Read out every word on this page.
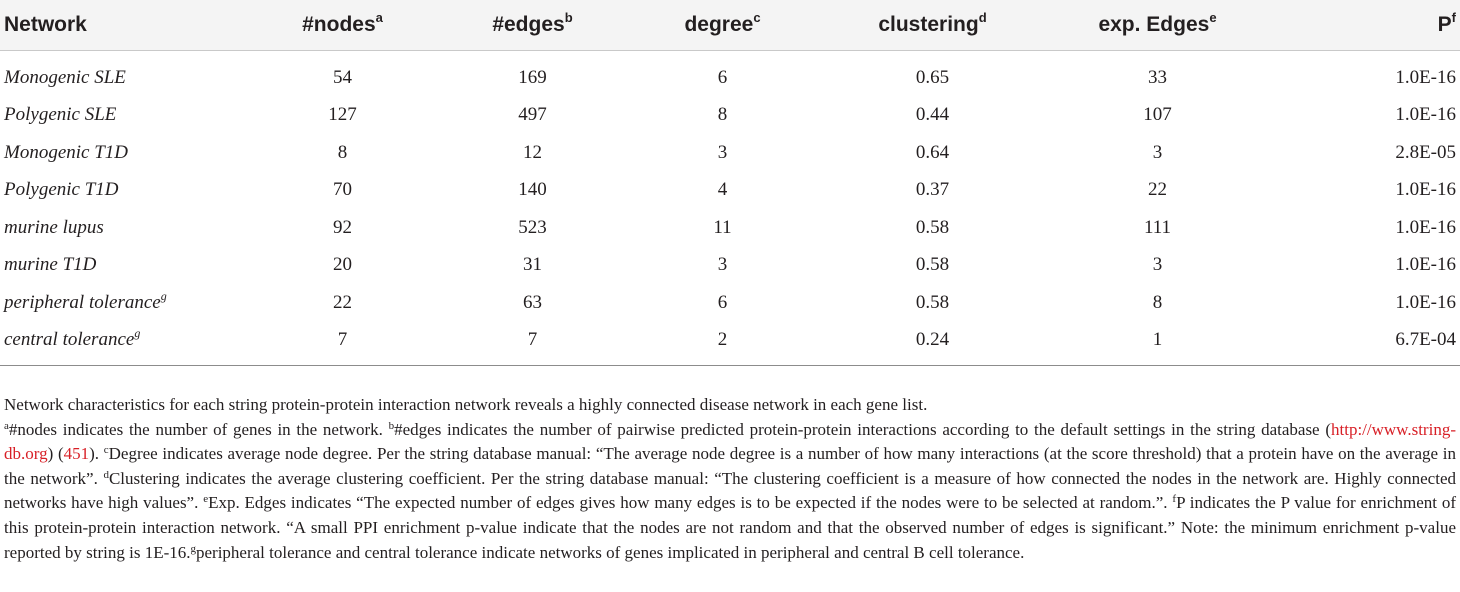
Network	#nodes$^a$	#edges$^b$	degree$^c$	clustering$^d$	exp. Edges$^e$	$P^f$
Monogenic SLE	54	169	6	0.65	33	1.0E-16
Polygenic SLE	127	497	8	0.44	107	1.0E-16
Monogenic T1D	8	12	3	0.64	3	2.8E-05
Polygenic T1D	70	140	4	0.37	22	1.0E-16
murine lupus	92	523	11	0.58	111	1.0E-16
murine T1D	20	31	3	0.58	3	1.0E-16
peripheral tolerance$^g$	22	63	6	0.58	8	1.0E-16
central tolerance$^g$	7	7	2	0.24	1	6.7E-04

Network characteristics for each string protein-protein interaction network reveals a highly connected disease network in each gene list.

$^a$#nodes indicates the number of genes in the network. $^b$#edges indicates the number of pairwise predicted protein-protein interactions according to the default settings in the string database (http://www.string-db.org) (451). $^c$Degree indicates average node degree. Per the string database manual: “The average node degree is a number of how many interactions (at the score threshold) that a protein have on the average in the network”. $^d$Clustering indicates the average clustering coefficient. Per the string database manual: “The clustering coefficient is a measure of how connected the nodes in the network are. Highly connected networks have high values”. $^e$Exp. Edges indicates “The expected number of edges gives how many edges is to be expected if the nodes were to be selected at random.”. $^f$P indicates the P value for enrichment of this protein-protein interaction network. “A small PPI enrichment p-value indicate that the nodes are not random and that the observed number of edges is significant.” Note: the minimum enrichment p-value reported by string is 1E-16.$^g$peripheral tolerance and central tolerance indicate networks of genes implicated in peripheral and central B cell tolerance.
